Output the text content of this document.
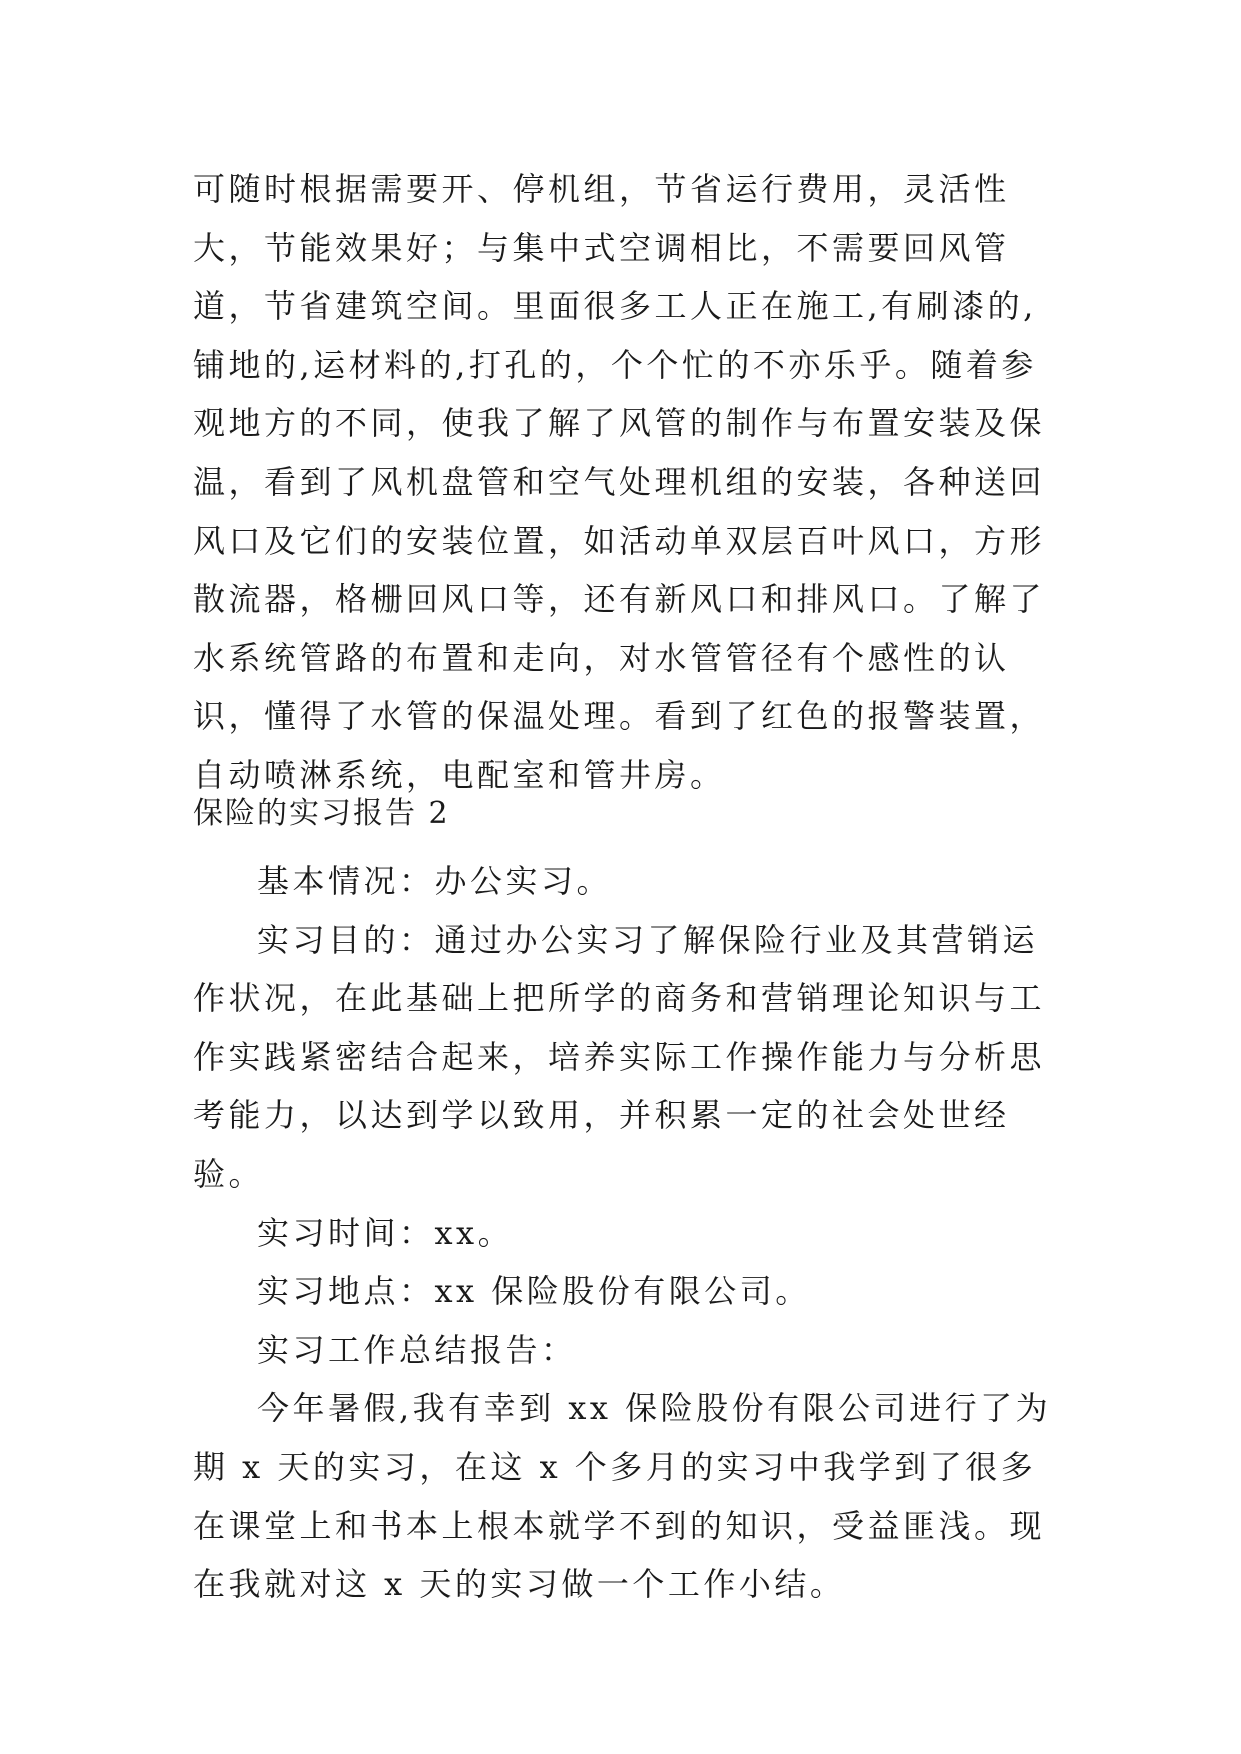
可随时根据需要开、停机组，节省运行费用，灵活性大，节能效果好；与集中式空调相比，不需要回风管道，节省建筑空间。里面很多工人正在施工,有刷漆的,铺地的,运材料的,打孔的，个个忙的不亦乐乎。随着参观地方的不同，使我了解了风管的制作与布置安装及保温，看到了风机盘管和空气处理机组的安装，各种送回风口及它们的安装位置，如活动单双层百叶风口，方形散流器，格栅回风口等，还有新风口和排风口。了解了水系统管路的布置和走向，对水管管径有个感性的认识，懂得了水管的保温处理。看到了红色的报警装置，自动喷淋系统，电配室和管井房。

保险的实习报告 2

基本情况：办公实习。

实习目的：通过办公实习了解保险行业及其营销运作状况，在此基础上把所学的商务和营销理论知识与工作实践紧密结合起来，培养实际工作操作能力与分析思考能力，以达到学以致用，并积累一定的社会处世经验。

实习时间：xx。

实习地点：xx 保险股份有限公司。

实习工作总结报告：

今年暑假,我有幸到 xx 保险股份有限公司进行了为期 x 天的实习，在这 x 个多月的实习中我学到了很多在课堂上和书本上根本就学不到的知识，受益匪浅。现在我就对这 x 天的实习做一个工作小结。
